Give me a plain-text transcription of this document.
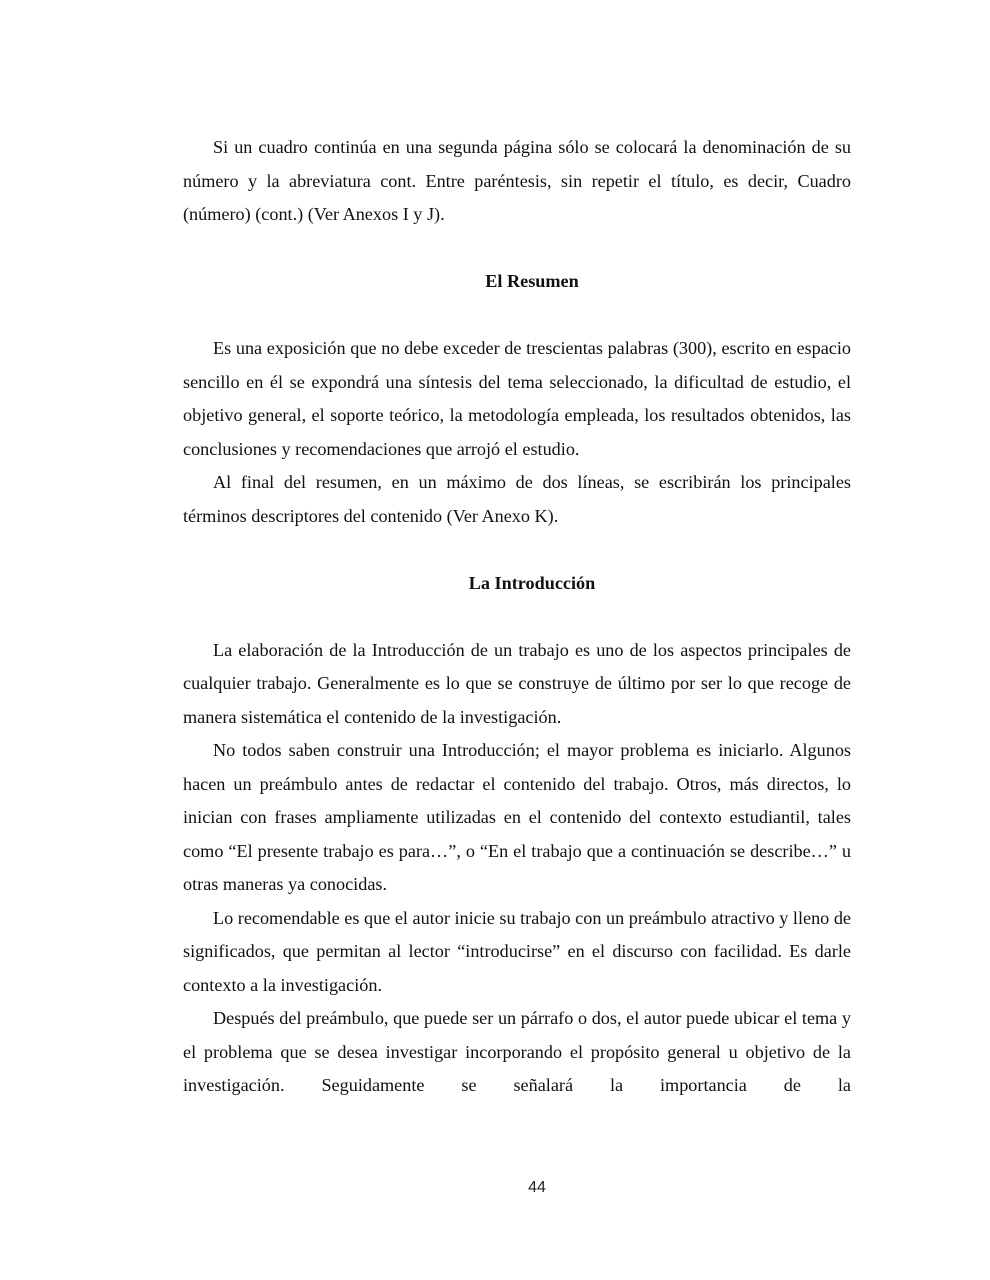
Si un cuadro continúa en una segunda página sólo se colocará la denominación de su número y la abreviatura cont. Entre paréntesis, sin repetir el título, es decir, Cuadro (número) (cont.) (Ver Anexos I y J).

El Resumen

Es una exposición que no debe exceder de trescientas palabras (300), escrito en espacio sencillo en él se expondrá una síntesis del tema seleccionado, la dificultad de estudio, el objetivo general, el soporte teórico, la metodología empleada, los resultados obtenidos, las conclusiones y recomendaciones que arrojó el estudio.

Al final del resumen, en un máximo de dos líneas, se escribirán los principales términos descriptores del contenido (Ver Anexo K).

La Introducción

La elaboración de la Introducción de un trabajo es uno de los aspectos principales de cualquier trabajo. Generalmente es lo que se construye de último por ser lo que recoge de manera sistemática el contenido de la investigación.

No todos saben construir una Introducción; el mayor problema es iniciarlo. Algunos hacen un preámbulo antes de redactar el contenido del trabajo. Otros, más directos, lo inician con frases ampliamente utilizadas en el contenido del contexto estudiantil, tales como “El presente trabajo es para…”, o “En el trabajo que a continuación se describe…” u otras maneras ya conocidas.

Lo recomendable es que el autor inicie su trabajo con un preámbulo atractivo y lleno de significados, que permitan al lector “introducirse” en el discurso con facilidad. Es darle contexto a la investigación.

Después del preámbulo, que puede ser un párrafo o dos, el autor puede ubicar el tema y el problema que se desea investigar incorporando el propósito general u objetivo de la investigación. Seguidamente se señalará la importancia de la

44
